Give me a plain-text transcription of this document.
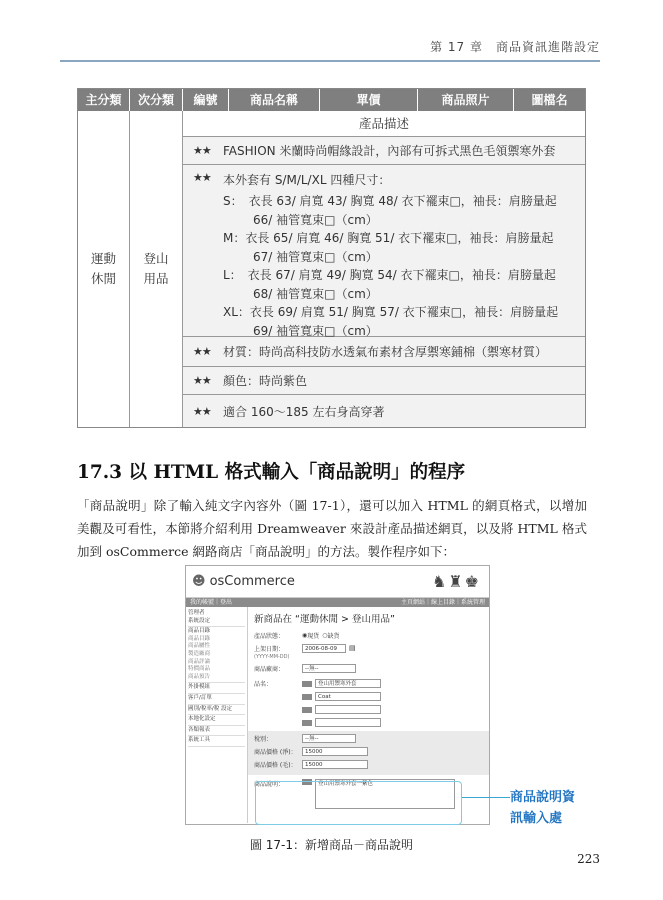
第 17 章　商品資訊進階設定
主分類	次分類	編號	商品名稱	單價	商品照片	圖檔名
運動
休閒
登山
用品
產品描述
★★	FASHION 米蘭時尚帽緣設計，內部有可拆式黑色毛領禦寒外套
★★	本外套有 S/M/L/XL 四種尺寸：
S：　衣長 63/ 肩寬 43/ 胸寬 48/ 衣下襬束□，袖長：肩膀量起
66/ 袖管寬束□（cm）
M：衣長 65/ 肩寬 46/ 胸寬 51/ 衣下襬束□，袖長：肩膀量起
67/ 袖管寬束□（cm）
L：　衣長 67/ 肩寬 49/ 胸寬 54/ 衣下襬束□，袖長：肩膀量起
68/ 袖管寬束□（cm）
XL：衣長 69/ 肩寬 51/ 胸寬 57/ 衣下襬束□，袖長：肩膀量起
69/ 袖管寬束□（cm）
★★	材質：時尚高科技防水透氣布素材含厚禦寒鋪棉（禦寒材質）
★★	顏色：時尚紫色
★★	適合 160～185 左右身高穿著
17.3 以 HTML 格式輸入「商品說明」的程序
「商品說明」除了輸入純文字內容外（圖 17-1），還可以加入 HTML 的網頁格式，以增加美觀及可看性，本節將介紹利用 Dreamweaver 來設計產品描述網頁，以及將 HTML 格式加到 osCommerce 網路商店「商品說明」的方法。製作程序如下：
☻ osCommerce	♞♜♚
我的帳號｜登出	主頁網站｜線上目錄｜系統管理
管理者
系統設定
商品目錄
商品目錄
商品屬性
製造廠商
商品評論
特價商品
商品預告
外掛模組
客戶/訂單
國別/稅率/稅 設定
本地化設定
各類報表
系統工具
新商品在 “運動休閒 > 登山用品”
產品狀態：	◉ 現貨 ○ 缺貨
上架日期：
(YYYY-MM-DD)
2006-08-09	▤
商品廠商：	--無--
品名：	登山用禦寒外套
Coat
稅別：	--無--
商品價格 (淨)：	15000
商品價格 (毛)：	15000
商品說明：	登山用禦寒外套一紫色
商品說明資
訊輸入處
圖 17-1：新增商品－商品說明
223
